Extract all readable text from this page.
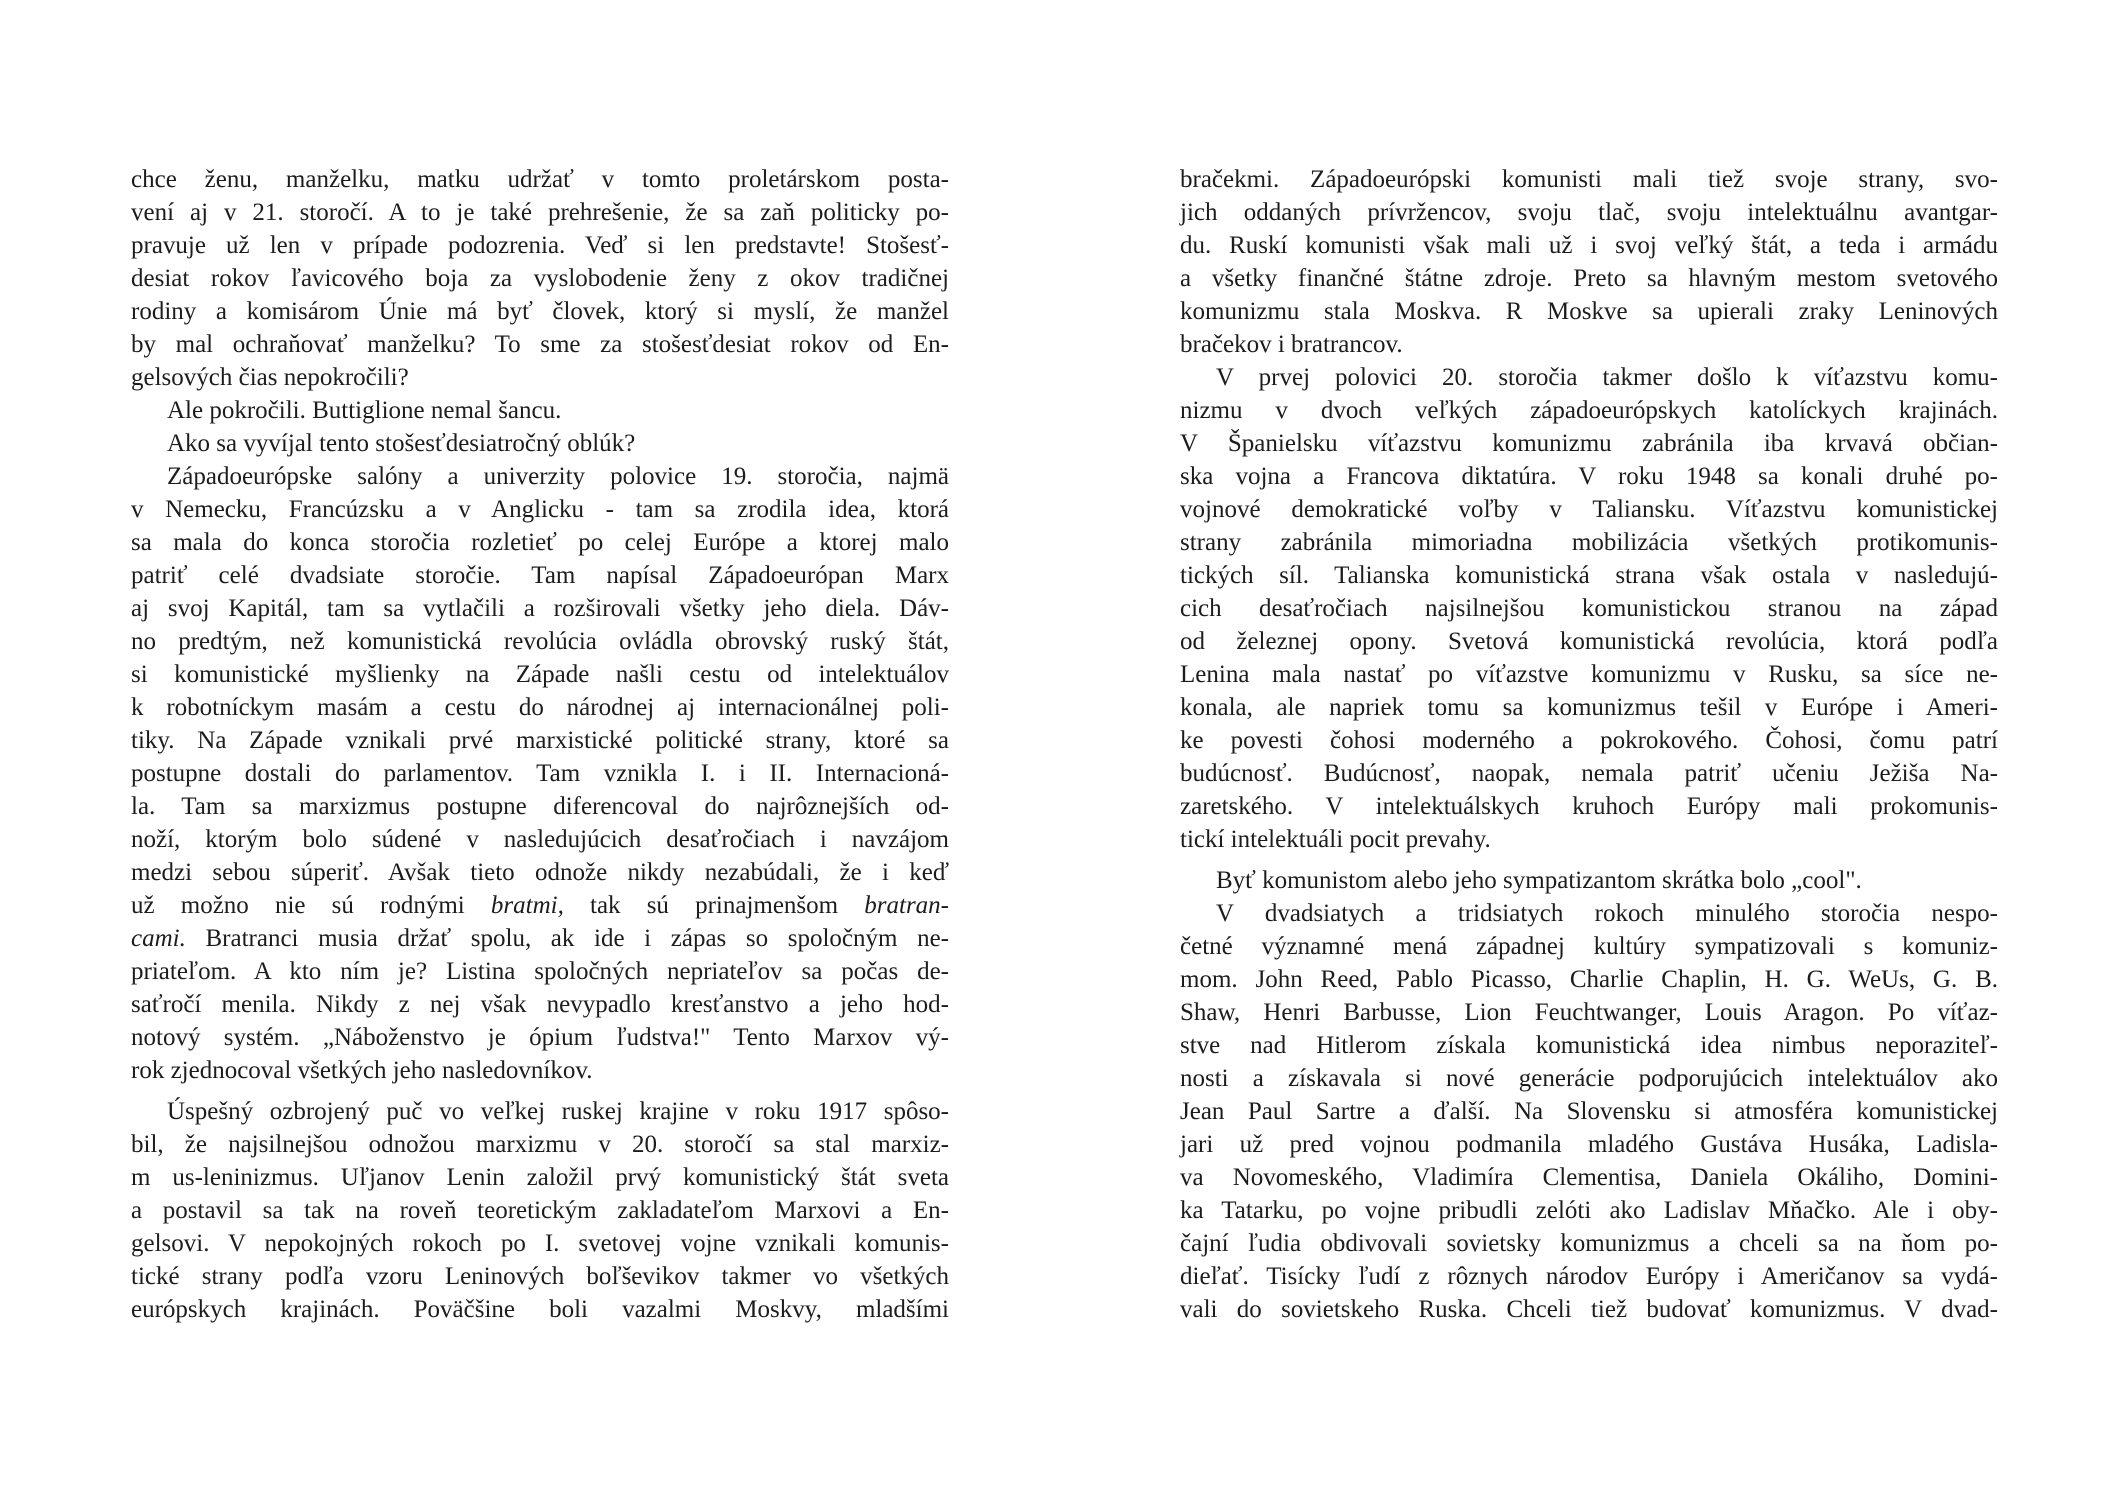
chce ženu, manželku, matku udržať v tomto proletárskom posta-
vení aj v 21. storočí. A to je také prehrešenie, že sa zaň politicky po-
pravuje už len v prípade podozrenia. Veď si len predstavte! Stošesť-
desiat rokov ľavicového boja za vyslobodenie ženy z okov tradičnej
rodiny a komisárom Únie má byť človek, ktorý si myslí, že manžel
by mal ochraňovať manželku? To sme za stošesťdesiat rokov od En-
gelsových čias nepokročili?
Ale pokročili. Buttiglione nemal šancu.
Ako sa vyvíjal tento stošesťdesiatročný oblúk?
Západoeurópske salóny a univerzity polovice 19. storočia, najmä
v Nemecku, Francúzsku a v Anglicku - tam sa zrodila idea, ktorá
sa mala do konca storočia rozletieť po celej Európe a ktorej malo
patriť celé dvadsiate storočie. Tam napísal Západoeurópan Marx
aj svoj Kapitál, tam sa vytlačili a rozširovali všetky jeho diela. Dáv-
no predtým, než komunistická revolúcia ovládla obrovský ruský štát,
si komunistické myšlienky na Západe našli cestu od intelektuálov
k robotníckym masám a cestu do národnej aj internacionálnej poli-
tiky. Na Západe vznikali prvé marxistické politické strany, ktoré sa
postupne dostali do parlamentov. Tam vznikla I. i II. Internacioná-
la. Tam sa marxizmus postupne diferencoval do najrôznejších od-
noží, ktorým bolo súdené v nasledujúcich desaťročiach i navzájom
medzi sebou súperiť. Avšak tieto odnože nikdy nezabúdali, že i keď
už možno nie sú rodnými bratmi, tak sú prinajmenšom bratran-
cami. Bratranci musia držať spolu, ak ide i zápas so spoločným ne-
priateľom. A kto ním je? Listina spoločných nepriateľov sa počas de-
saťročí menila. Nikdy z nej však nevypadlo kresťanstvo a jeho hod-
notový systém. „Náboženstvo je ópium ľudstva!" Tento Marxov vý-
rok zjednocoval všetkých jeho nasledovníkov.
Úspešný ozbrojený puč vo veľkej ruskej krajine v roku 1917 spôso-
bil, že najsilnejšou odnožou marxizmu v 20. storočí sa stal marxiz-
m us-leninizmus. Uľjanov Lenin založil prvý komunistický štát sveta
a postavil sa tak na roveň teoretickým zakladateľom Marxovi a En-
gelsovi. V nepokojných rokoch po I. svetovej vojne vznikali komunis-
tické strany podľa vzoru Leninových boľševikov takmer vo všetkých
európskych krajinách. Poväčšine boli vazalmi Moskvy, mladšími
bračekmi. Západoeurópski komunisti mali tiež svoje strany, svo-
jich oddaných prívržencov, svoju tlač, svoju intelektuálnu avantgar-
du. Ruskí komunisti však mali už i svoj veľký štát, a teda i armádu
a všetky finančné štátne zdroje. Preto sa hlavným mestom svetového
komunizmu stala Moskva. R Moskve sa upierali zraky Leninových
bračekov i bratrancov.
V prvej polovici 20. storočia takmer došlo k víťazstvu komu-
nizmu v dvoch veľkých západoeurópskych katolíckych krajinách.
V Španielsku víťazstvu komunizmu zabránila iba krvavá občian-
ska vojna a Francova diktatúra. V roku 1948 sa konali druhé po-
vojnové demokratické voľby v Taliansku. Víťazstvu komunistickej
strany zabránila mimoriadna mobilizácia všetkých protikomunis-
tických síl. Talianska komunistická strana však ostala v nasledujú-
cich desaťročiach najsilnejšou komunistickou stranou na západ
od železnej opony. Svetová komunistická revolúcia, ktorá podľa
Lenina mala nastať po víťazstve komunizmu v Rusku, sa síce ne-
konala, ale napriek tomu sa komunizmus tešil v Európe i Ameri-
ke povesti čohosi moderného a pokrokového. Čohosi, čomu patrí
budúcnosť. Budúcnosť, naopak, nemala patriť učeniu Ježiša Na-
zaretského. V intelektuálskych kruhoch Európy mali prokomunis-
tickí intelektuáli pocit prevahy.
Byť komunistom alebo jeho sympatizantom skrátka bolo „cool".
V dvadsiatych a tridsiatych rokoch minulého storočia nespo-
četné významné mená západnej kultúry sympatizovali s komuniz-
mom. John Reed, Pablo Picasso, Charlie Chaplin, H. G. WeUs, G. B.
Shaw, Henri Barbusse, Lion Feuchtwanger, Louis Aragon. Po víťaz-
stve nad Hitlerom získala komunistická idea nimbus neporaziteľ-
nosti a získavala si nové generácie podporujúcich intelektuálov ako
Jean Paul Sartre a ďalší. Na Slovensku si atmosféra komunistickej
jari už pred vojnou podmanila mladého Gustáva Husáka, Ladisla-
va Novomeského, Vladimíra Clementisa, Daniela Okáliho, Domini-
ka Tatarku, po vojne pribudli zelóti ako Ladislav Mňačko. Ale i oby-
čajní ľudia obdivovali sovietsky komunizmus a chceli sa na ňom po-
dieľať. Tisícky ľudí z rôznych národov Európy i Američanov sa vydá-
vali do sovietskeho Ruska. Chceli tiež budovať komunizmus. V dvad-
